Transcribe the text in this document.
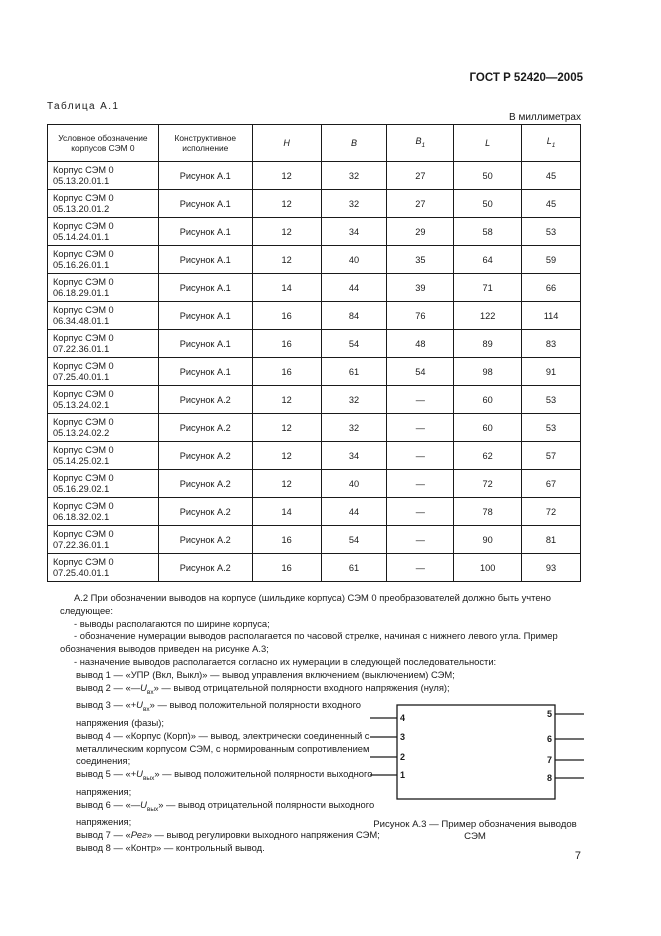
ГОСТ Р 52420—2005
Таблица А.1
В миллиметрах
Условное обозначение корпусов СЭМ 0	Конструктивное исполнение	H	B	$B_1$	L	$L_1$

Корпус СЭМ 0
05.13.20.01.1	Рисунок А.1	12	32	27	50	45

Корпус СЭМ 0
05.13.20.01.2	Рисунок А.1	12	32	27	50	45

Корпус СЭМ 0
05.14.24.01.1	Рисунок А.1	12	34	29	58	53

Корпус СЭМ 0
05.16.26.01.1	Рисунок А.1	12	40	35	64	59

Корпус СЭМ 0
06.18.29.01.1	Рисунок А.1	14	44	39	71	66

Корпус СЭМ 0
06.34.48.01.1	Рисунок А.1	16	84	76	122	114

Корпус СЭМ 0
07.22.36.01.1	Рисунок А.1	16	54	48	89	83

Корпус СЭМ 0
07.25.40.01.1	Рисунок А.1	16	61	54	98	91

Корпус СЭМ 0
05.13.24.02.1	Рисунок А.2	12	32	—	60	53

Корпус СЭМ 0
05.13.24.02.2	Рисунок А.2	12	32	—	60	53

Корпус СЭМ 0
05.14.25.02.1	Рисунок А.2	12	34	—	62	57

Корпус СЭМ 0
05.16.29.02.1	Рисунок А.2	12	40	—	72	67

Корпус СЭМ 0
06.18.32.02.1	Рисунок А.2	14	44	—	78	72

Корпус СЭМ 0
07.22.36.01.1	Рисунок А.2	16	54	—	90	81

Корпус СЭМ 0
07.25.40.01.1	Рисунок А.2	16	61	—	100	93

А.2 При обозначении выводов на корпусе (шильдике корпуса) СЭМ 0 преобразователей должно быть учтено следующее:

- выводы располагаются по ширине корпуса;

- обозначение нумерации выводов располагается по часовой стрелке, начиная с нижнего левого угла. Пример обозначения выводов приведен на рисунке А.3;

- назначение выводов располагается согласно их нумерации в следующей последовательности:

вывод 1 — «УПР (Вкл, Выкл)» — вывод управления включением (выключением) СЭМ;

вывод 2 — «$—U_{вх}$» — вывод отрицательной полярности входного напряжения (нуля);

вывод 3 — «$+U_{вх}$» — вывод положительной полярности входного напряжения (фазы);

вывод 4 — «Корпус (Корп)» — вывод, электрически соединенный с металлическим корпусом СЭМ, с нормированным сопротивлением соединения;

вывод 5 — «$+U_{вых}$» — вывод положительной полярности выходного напряжения;

вывод 6 — «$—U_{вых}$» — вывод отрицательной полярности выходного напряжения;

вывод 7 — «Рег» — вывод регулировки выходного напряжения СЭМ;

вывод 8 — «Контр» — контрольный вывод.

4
3
2
1
5
6
7
8
Рисунок А.3 — Пример обозначения выводов СЭМ
7
